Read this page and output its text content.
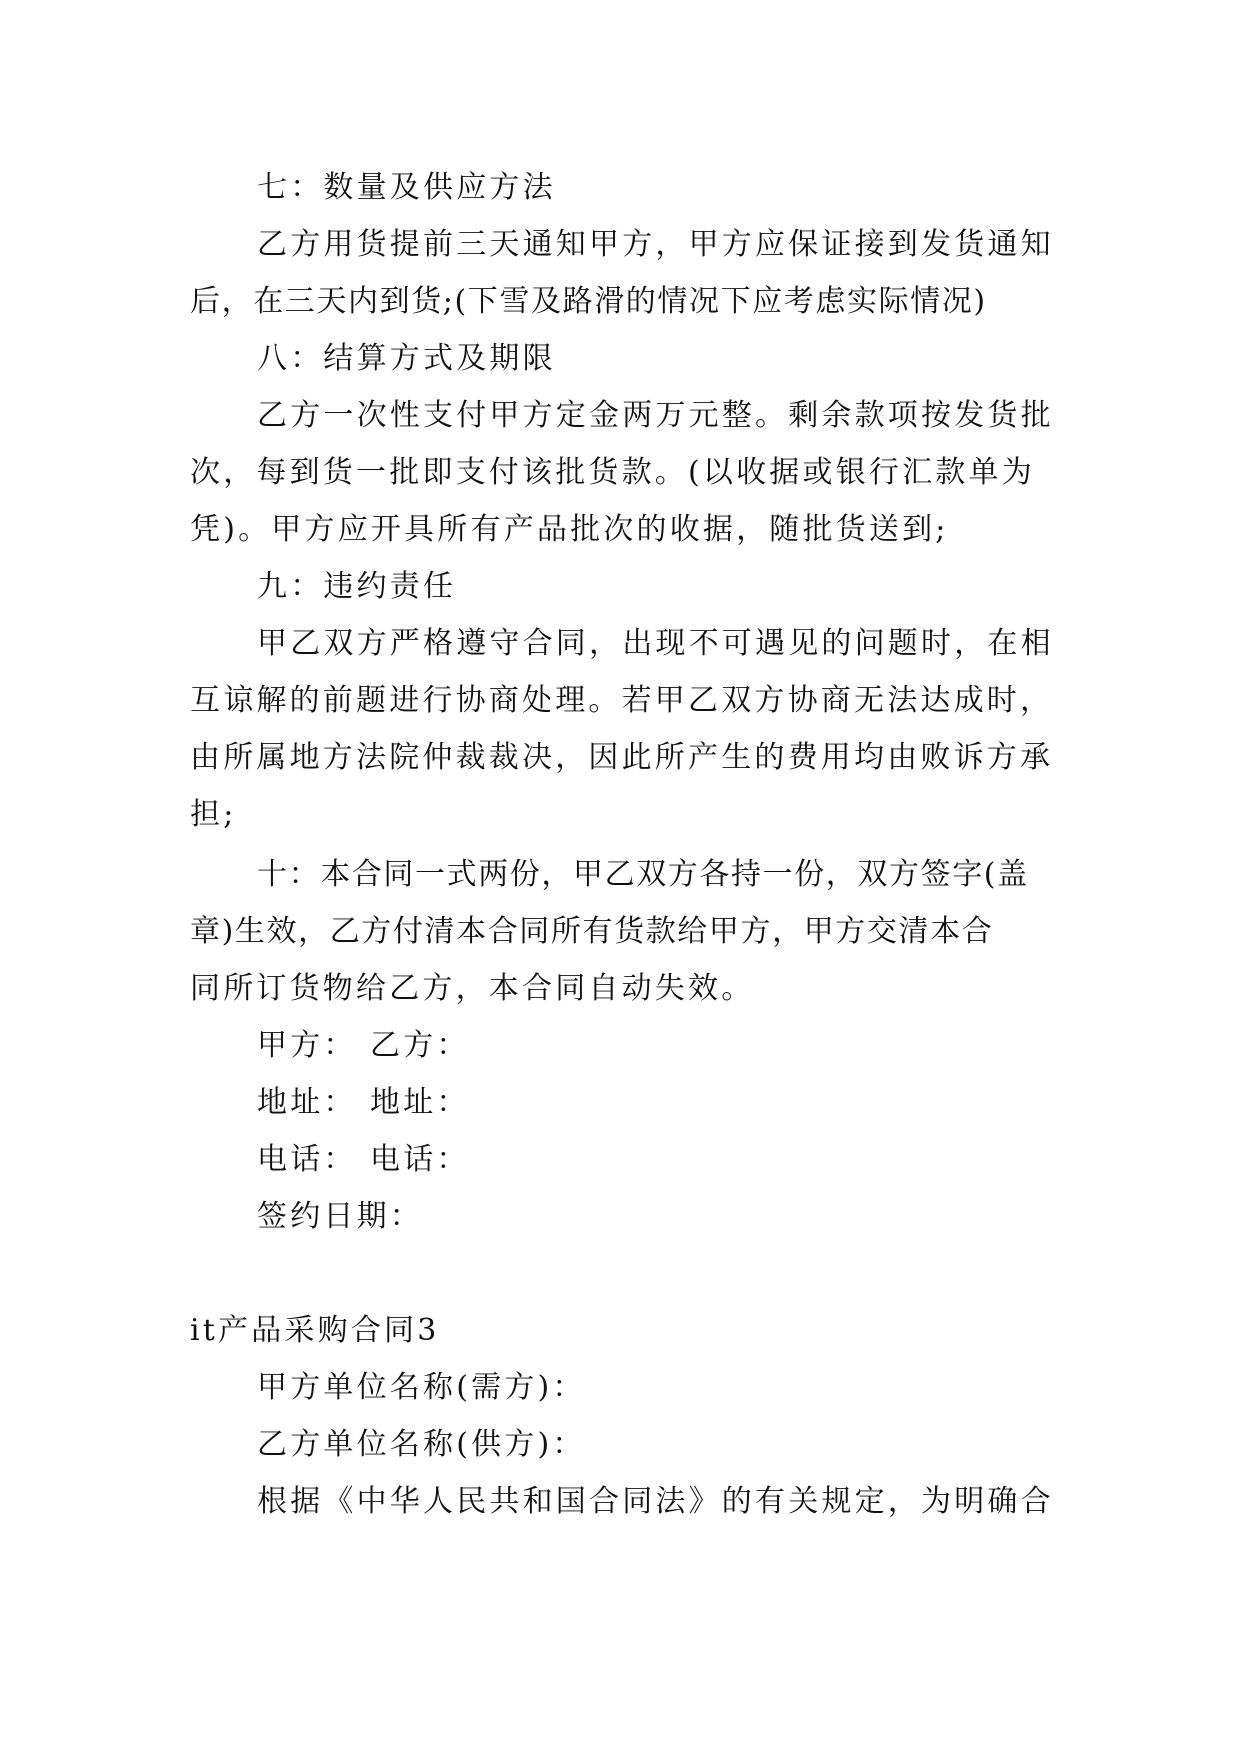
七：数量及供应方法

乙方用货提前三天通知甲方，甲方应保证接到发货通知

后，在三天内到货;(下雪及路滑的情况下应考虑实际情况)

八：结算方式及期限

乙方一次性支付甲方定金两万元整。剩余款项按发货批

次，每到货一批即支付该批货款。(以收据或银行汇款单为

凭)。甲方应开具所有产品批次的收据，随批货送到;

九：违约责任

甲乙双方严格遵守合同，出现不可遇见的问题时，在相

互谅解的前题进行协商处理。若甲乙双方协商无法达成时，

由所属地方法院仲裁裁决，因此所产生的费用均由败诉方承

担;

十：本合同一式两份，甲乙双方各持一份，双方签字(盖

章)生效，乙方付清本合同所有货款给甲方，甲方交清本合

同所订货物给乙方，本合同自动失效。

甲方： 乙方：

地址： 地址：

电话： 电话：

签约日期：

it产品采购合同3

甲方单位名称(需方)：

乙方单位名称(供方)：

根据《中华人民共和国合同法》的有关规定，为明确合
